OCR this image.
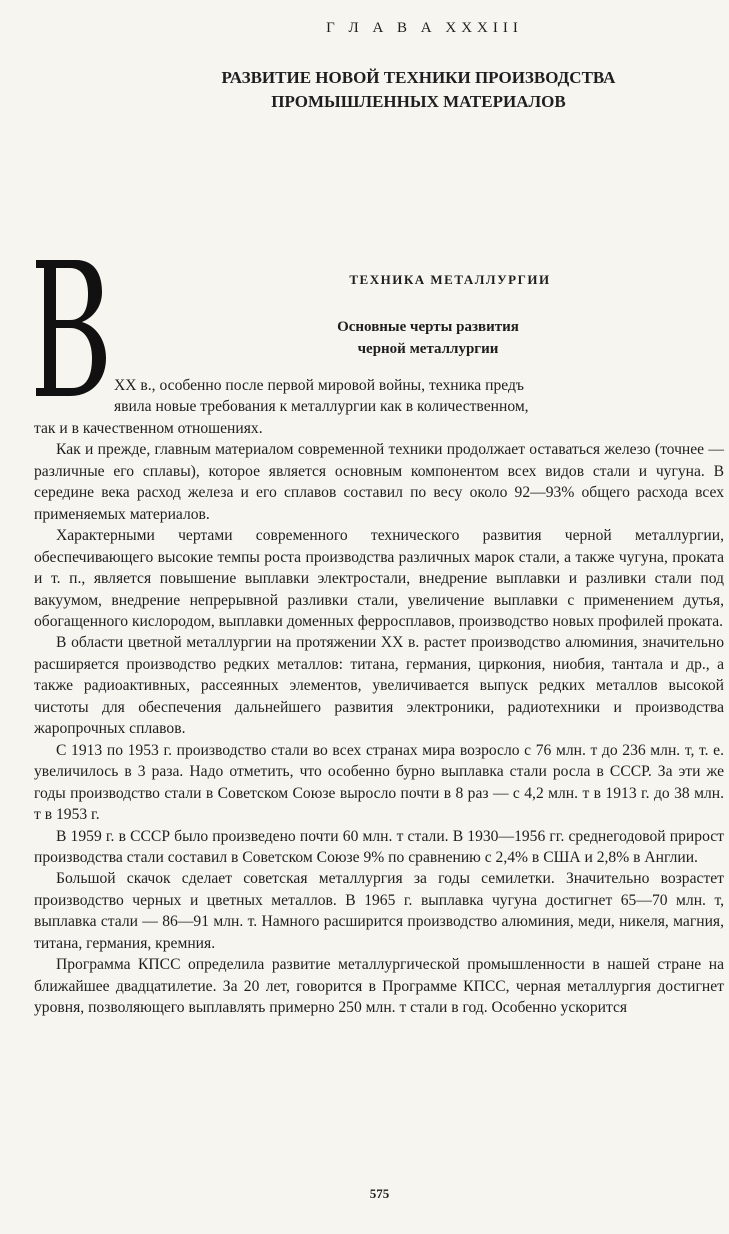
Г Л А В А XXXIII
РАЗВИТИЕ НОВОЙ ТЕХНИКИ ПРОИЗВОДСТВА
ПРОМЫШЛЕННЫХ МАТЕРИАЛОВ
ТЕХНИКА МЕТАЛЛУРГИИ
Основные черты развития
черной металлургии

XX в., особенно после первой мировой войны, техника предъ
явила новые требования к металлургии как в количественном,
так и в качественном отношениях.

Как и прежде, главным материалом современной техники продолжает оставаться железо (точнее — различные его сплавы), которое является основным компонентом всех видов стали и чугуна. В середине века расход железа и его сплавов составил по весу около 92—93% общего расхода всех применяемых материалов.

Характерными чертами современного технического развития черной металлургии, обеспечивающего высокие темпы роста производства различных марок стали, а также чугуна, проката и т. п., является повышение выплавки электростали, внедрение выплавки и разливки стали под вакуумом, внедрение непрерывной разливки стали, увеличение выплавки с применением дутья, обогащенного кислородом, выплавки доменных ферросплавов, производство новых профилей проката.

В области цветной металлургии на протяжении XX в. растет производство алюминия, значительно расширяется производство редких металлов: титана, германия, циркония, ниобия, тантала и др., а также радиоактивных, рассеянных элементов, увеличивается выпуск редких металлов высокой чистоты для обеспечения дальнейшего развития электроники, радиотехники и производства жаропрочных сплавов.

С 1913 по 1953 г. производство стали во всех странах мира возросло с 76 млн. т до 236 млн. т, т. е. увеличилось в 3 раза. Надо отметить, что особенно бурно выплавка стали росла в СССР. За эти же годы производство стали в Советском Союзе выросло почти в 8 раз — с 4,2 млн. т в 1913 г. до 38 млн. т в 1953 г.

В 1959 г. в СССР было произведено почти 60 млн. т стали. В 1930—1956 гг. среднегодовой прирост производства стали составил в Советском Союзе 9% по сравнению с 2,4% в США и 2,8% в Англии.

Большой скачок сделает советская металлургия за годы семилетки. Значительно возрастет производство черных и цветных металлов. В 1965 г. выплавка чугуна достигнет 65—70 млн. т, выплавка стали — 86—91 млн. т. Намного расширится производство алюминия, меди, никеля, магния, титана, германия, кремния.

Программа КПСС определила развитие металлургической промышленности в нашей стране на ближайшее двадцатилетие. За 20 лет, говорится в Программе КПСС, черная металлургия достигнет уровня, позволяющего выплавлять примерно 250 млн. т стали в год. Особенно ускорится

575
